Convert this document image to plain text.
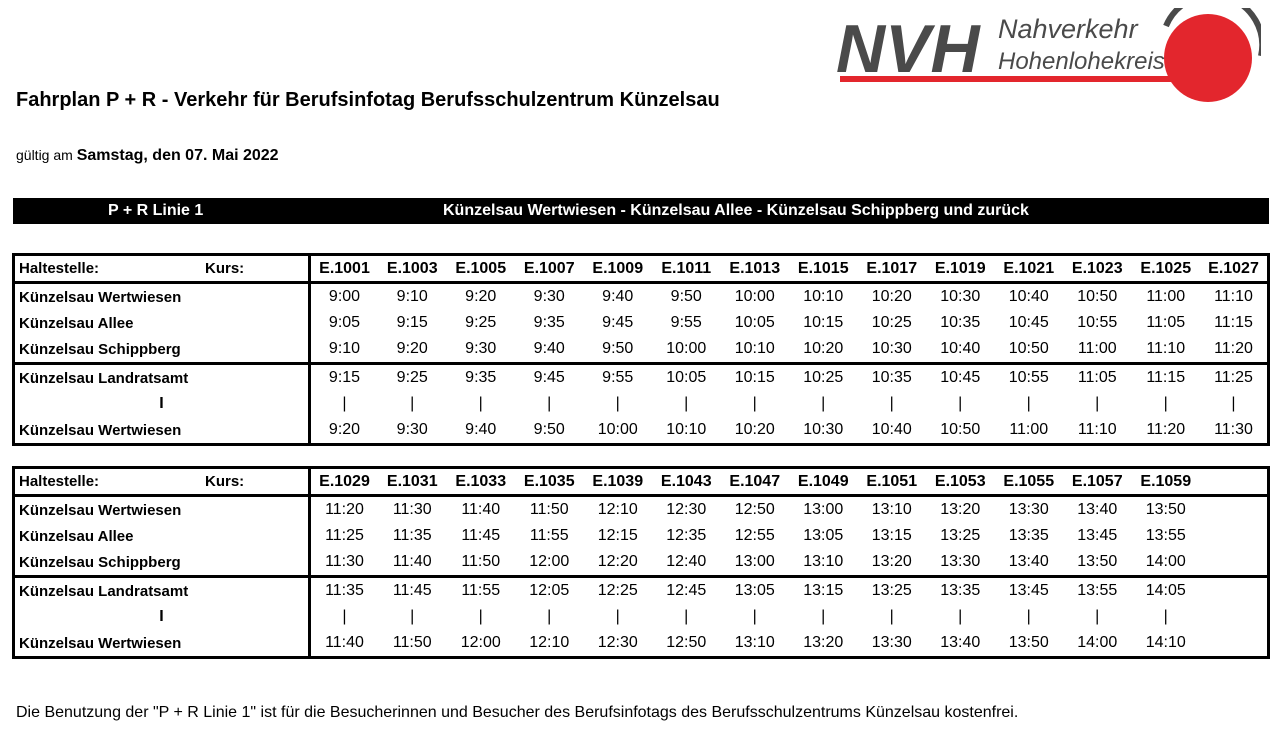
NVH Nahverkehr
Hohenlohekreis
Fahrplan P + R - Verkehr für Berufsinfotag Berufsschulzentrum Künzelsau
gültig am Samstag, den 07. Mai 2022
P + R Linie 1	Künzelsau Wertwiesen - Künzelsau Allee - Künzelsau Schippberg und zurück
Haltestelle: Kurs:	E.1001	E.1003	E.1005	E.1007	E.1009	E.1011	E.1013	E.1015	E.1017	E.1019	E.1021	E.1023	E.1025	E.1027
Künzelsau Wertwiesen	9:00	9:10	9:20	9:30	9:40	9:50	10:00	10:10	10:20	10:30	10:40	10:50	11:00	11:10
Künzelsau Allee	9:05	9:15	9:25	9:35	9:45	9:55	10:05	10:15	10:25	10:35	10:45	10:55	11:05	11:15
Künzelsau Schippberg	9:10	9:20	9:30	9:40	9:50	10:00	10:10	10:20	10:30	10:40	10:50	11:00	11:10	11:20
Künzelsau Landratsamt	9:15	9:25	9:35	9:45	9:55	10:05	10:15	10:25	10:35	10:45	10:55	11:05	11:15	11:25
I	|	|	|	|	|	|	|	|	|	|	|	|	|	|
Künzelsau Wertwiesen	9:20	9:30	9:40	9:50	10:00	10:10	10:20	10:30	10:40	10:50	11:00	11:10	11:20	11:30
Haltestelle: Kurs:	E.1029	E.1031	E.1033	E.1035	E.1039	E.1043	E.1047	E.1049	E.1051	E.1053	E.1055	E.1057	E.1059	
Künzelsau Wertwiesen	11:20	11:30	11:40	11:50	12:10	12:30	12:50	13:00	13:10	13:20	13:30	13:40	13:50	
Künzelsau Allee	11:25	11:35	11:45	11:55	12:15	12:35	12:55	13:05	13:15	13:25	13:35	13:45	13:55	
Künzelsau Schippberg	11:30	11:40	11:50	12:00	12:20	12:40	13:00	13:10	13:20	13:30	13:40	13:50	14:00	
Künzelsau Landratsamt	11:35	11:45	11:55	12:05	12:25	12:45	13:05	13:15	13:25	13:35	13:45	13:55	14:05	
I	|	|	|	|	|	|	|	|	|	|	|	|	|	
Künzelsau Wertwiesen	11:40	11:50	12:00	12:10	12:30	12:50	13:10	13:20	13:30	13:40	13:50	14:00	14:10	
Die Benutzung der "P + R Linie 1" ist für die Besucherinnen und Besucher des Berufsinfotags des Berufsschulzentrums Künzelsau kostenfrei.
